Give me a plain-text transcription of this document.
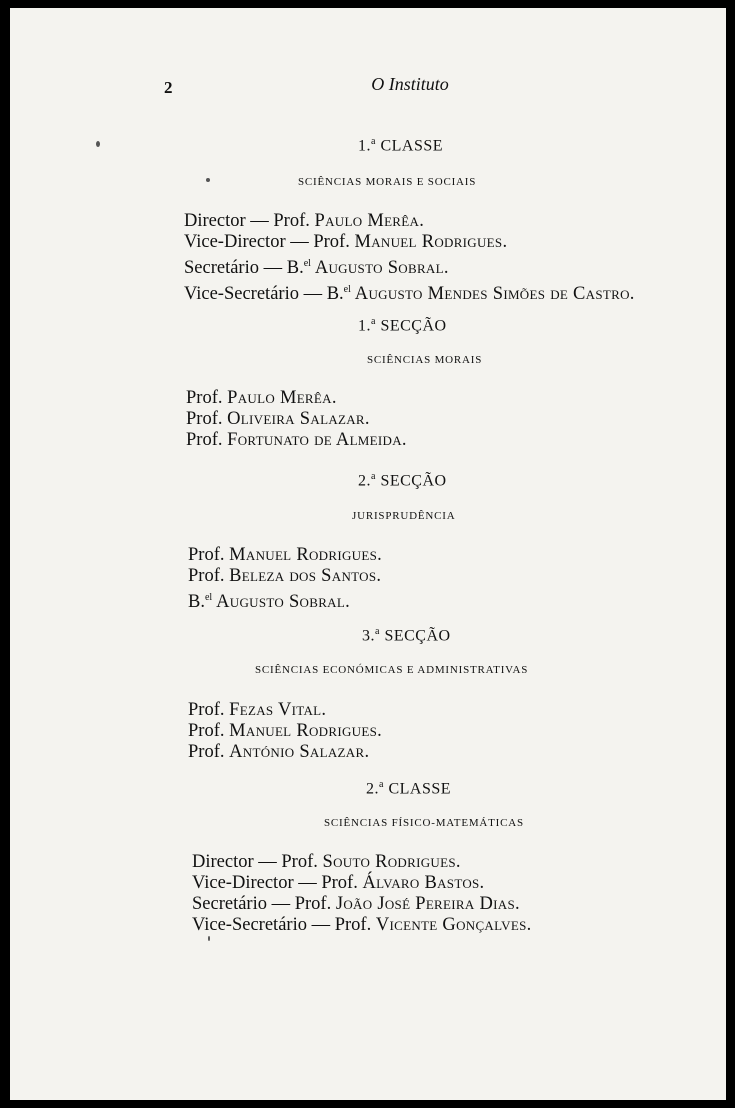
2	O Instituto
1.$^a$ CLASSE
SCIÊNCIAS MORAIS E SOCIAIS
Director — Prof. Paulo Merêa.
Vice-Director — Prof. Manuel Rodrigues.
Secretário — B.$^{el}$ Augusto Sobral.
Vice-Secretário — B.$^{el}$ Augusto Mendes Simões de Castro.
1.$^a$ SECÇÃO
SCIÊNCIAS MORAIS
Prof. Paulo Merêa.
Prof. Oliveira Salazar.
Prof. Fortunato de Almeida.
2.$^a$ SECÇÃO
JURISPRUDÊNCIA
Prof. Manuel Rodrigues.
Prof. Beleza dos Santos.
B.$^{el}$ Augusto Sobral.
3.$^a$ SECÇÃO
SCIÊNCIAS ECONÓMICAS E ADMINISTRATIVAS
Prof. Fezas Vital.
Prof. Manuel Rodrigues.
Prof. António Salazar.
2.$^a$ CLASSE
SCIÊNCIAS FÍSICO-MATEMÁTICAS
Director — Prof. Souto Rodrigues.
Vice-Director — Prof. Álvaro Bastos.
Secretário — Prof. João José Pereira Dias.
Vice-Secretário — Prof. Vicente Gonçalves.
